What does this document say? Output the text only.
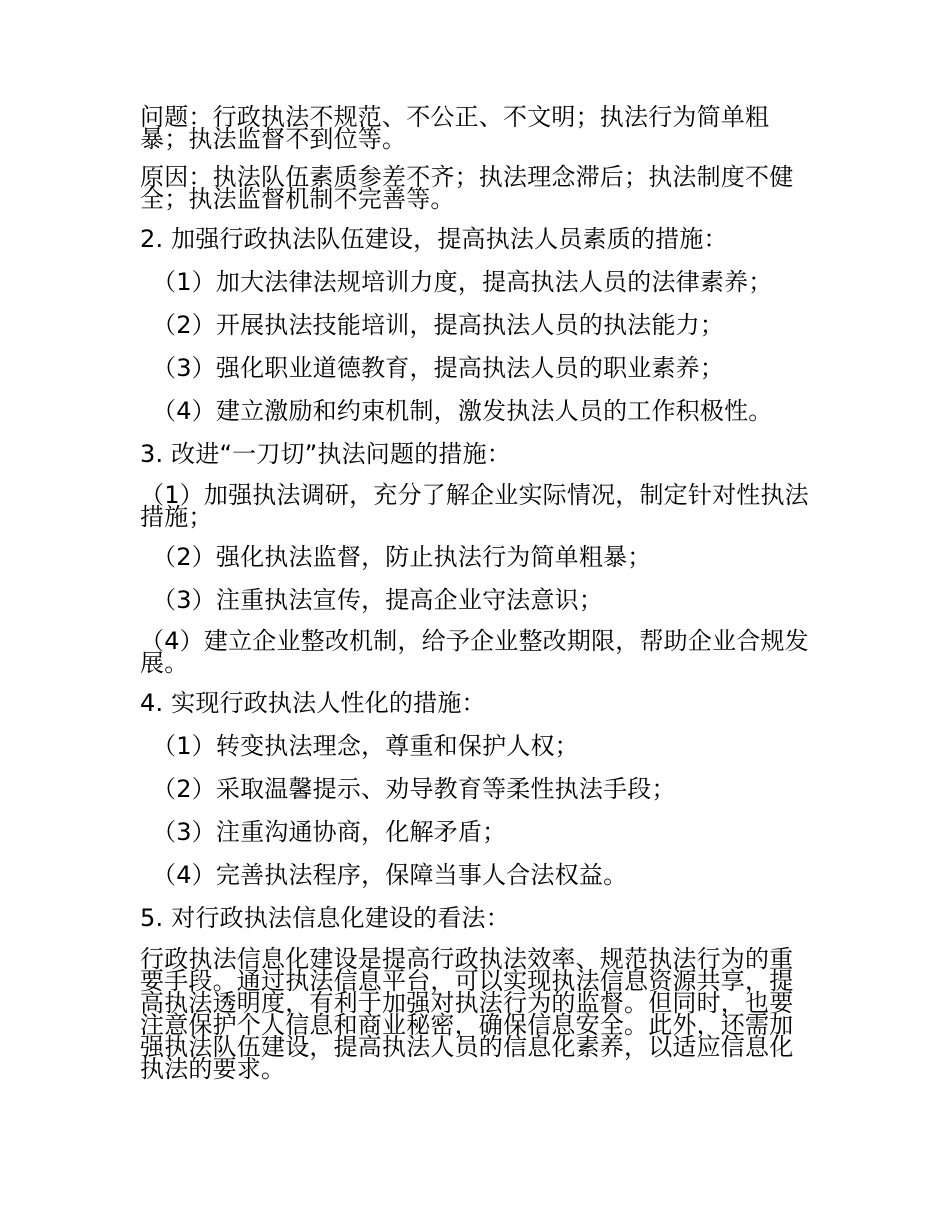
问题：行政执法不规范、不公正、不文明；执法行为简单粗暴；执法监督不到位等。

原因：执法队伍素质参差不齐；执法理念滞后；执法制度不健全；执法监督机制不完善等。

2. 加强行政执法队伍建设，提高执法人员素质的措施：

（1）加大法律法规培训力度，提高执法人员的法律素养；

（2）开展执法技能培训，提高执法人员的执法能力；

（3）强化职业道德教育，提高执法人员的职业素养；

（4）建立激励和约束机制，激发执法人员的工作积极性。

3. 改进“一刀切”执法问题的措施：

（1）加强执法调研，充分了解企业实际情况，制定针对性执法措施；

（2）强化执法监督，防止执法行为简单粗暴；

（3）注重执法宣传，提高企业守法意识；

（4）建立企业整改机制，给予企业整改期限，帮助企业合规发展。

4. 实现行政执法人性化的措施：

（1）转变执法理念，尊重和保护人权；

（2）采取温馨提示、劝导教育等柔性执法手段；

（3）注重沟通协商，化解矛盾；

（4）完善执法程序，保障当事人合法权益。

5. 对行政执法信息化建设的看法：

行政执法信息化建设是提高行政执法效率、规范执法行为的重要手段。通过执法信息平台，可以实现执法信息资源共享，提高执法透明度，有利于加强对执法行为的监督。但同时，也要注意保护个人信息和商业秘密，确保信息安全。此外，还需加强执法队伍建设，提高执法人员的信息化素养，以适应信息化执法的要求。
